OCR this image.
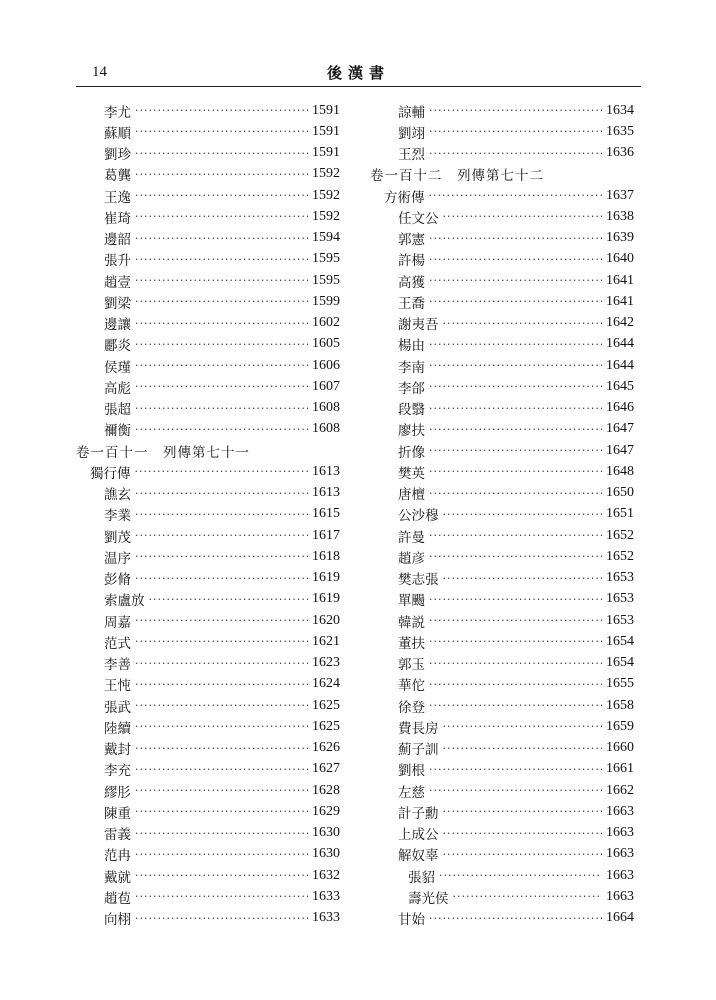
14	後漢書
李尤 ·····	1591
蘇順 ·····	1591
劉珍 ·····	1591
葛龔 ·····	1592
王逸 ·····	1592
崔琦 ·····	1592
邊韶 ·····	1594
張升 ·····	1595
趙壹 ·····	1595
劉梁 ·····	1599
邊讓 ·····	1602
酈炎 ·····	1605
侯瑾 ·····	1606
高彪 ·····	1607
張超 ·····	1608
禰衡 ·····	1608
卷一百十一　列傳第七十一
獨行傳 ·····	1613
譙玄 ·····	1613
李業 ·····	1615
劉茂 ·····	1617
温序 ·····	1618
彭脩 ·····	1619
索盧放 ·····	1619
周嘉 ·····	1620
范式 ·····	1621
李善 ·····	1623
王忳 ·····	1624
張武 ·····	1625
陸續 ·····	1625
戴封 ·····	1626
李充 ·····	1627
繆肜 ·····	1628
陳重 ·····	1629
雷義 ·····	1630
范冉 ·····	1630
戴就 ·····	1632
趙苞 ·····	1633
向栩 ·····	1633
諒輔 ·····	1634
劉翊 ·····	1635
王烈 ·····	1636
卷一百十二　列傳第七十二
方術傳 ·····	1637
任文公 ·····	1638
郭憲 ·····	1639
許楊 ·····	1640
高獲 ·····	1641
王喬 ·····	1641
謝夷吾 ·····	1642
楊由 ·····	1644
李南 ·····	1644
李郃 ·····	1645
段翳 ·····	1646
廖扶 ·····	1647
折像 ·····	1647
樊英 ·····	1648
唐檀 ·····	1650
公沙穆 ·····	1651
許曼 ·····	1652
趙彦 ·····	1652
樊志張 ·····	1653
單颺 ·····	1653
韓説 ·····	1653
董扶 ·····	1654
郭玉 ·····	1654
華佗 ·····	1655
徐登 ·····	1658
費長房 ·····	1659
薊子訓 ·····	1660
劉根 ·····	1661
左慈 ·····	1662
計子勳 ·····	1663
上成公 ·····	1663
解奴辜 ·····	1663
張貂 ·····	1663
壽光侯 ·····	1663
甘始 ·····	1664
